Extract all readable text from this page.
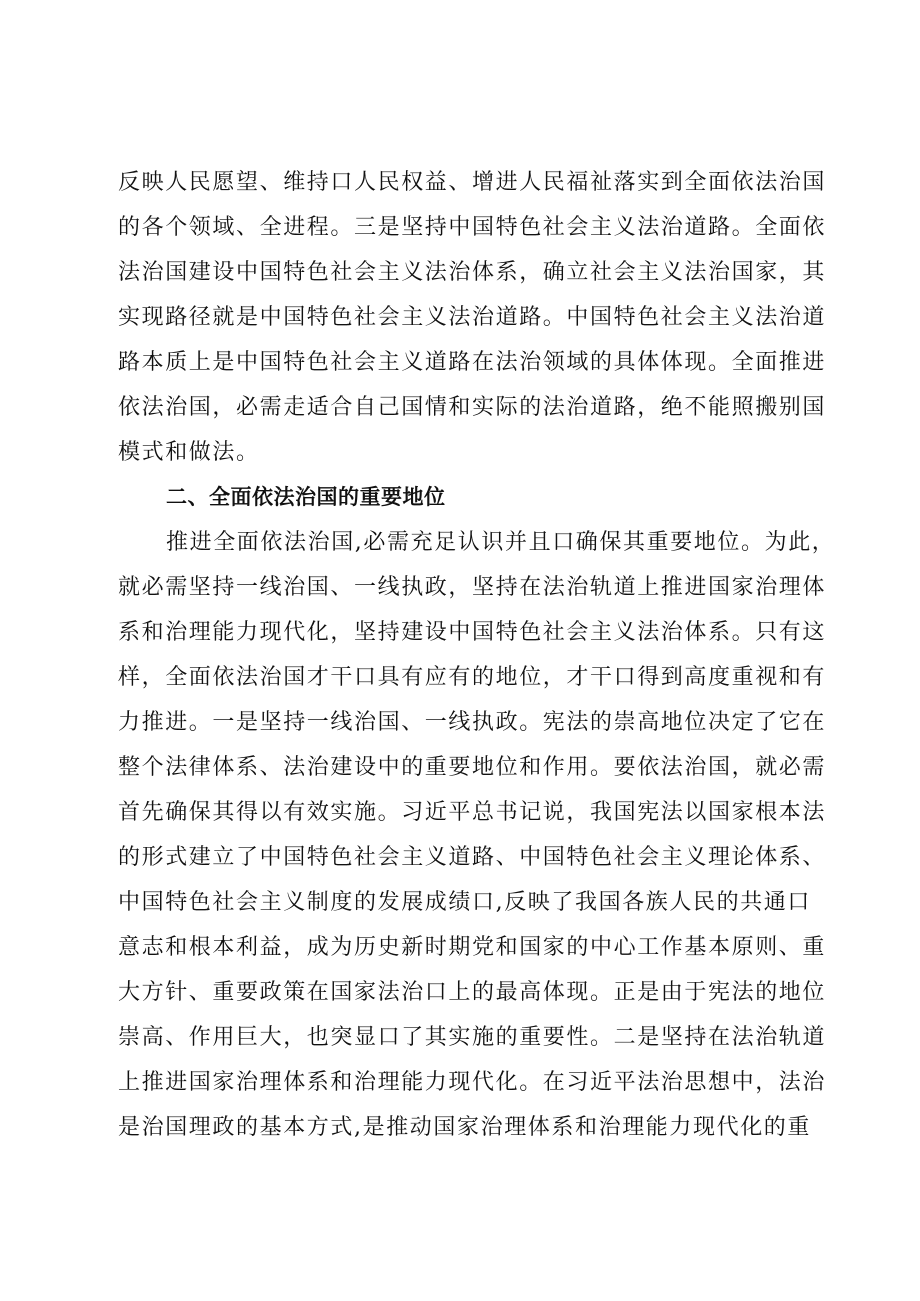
反映人民愿望、维持口人民权益、增进人民福祉落实到全面依法治国
的各个领域、全进程。三是坚持中国特色社会主义法治道路。全面依
法治国建设中国特色社会主义法治体系，确立社会主义法治国家，其
实现路径就是中国特色社会主义法治道路。中国特色社会主义法治道
路本质上是中国特色社会主义道路在法治领域的具体体现。全面推进
依法治国，必需走适合自己国情和实际的法治道路，绝不能照搬别国
模式和做法。
二、全面依法治国的重要地位
推进全面依法治国,必需充足认识并且口确保其重要地位。为此，
就必需坚持一线治国、一线执政，坚持在法治轨道上推进国家治理体
系和治理能力现代化，坚持建设中国特色社会主义法治体系。只有这
样，全面依法治国才干口具有应有的地位，才干口得到高度重视和有
力推进。一是坚持一线治国、一线执政。宪法的崇高地位决定了它在
整个法律体系、法治建设中的重要地位和作用。要依法治国，就必需
首先确保其得以有效实施。习近平总书记说，我国宪法以国家根本法
的形式建立了中国特色社会主义道路、中国特色社会主义理论体系、
中国特色社会主义制度的发展成绩口,反映了我国各族人民的共通口
意志和根本利益，成为历史新时期党和国家的中心工作基本原则、重
大方针、重要政策在国家法治口上的最高体现。正是由于宪法的地位
崇高、作用巨大，也突显口了其实施的重要性。二是坚持在法治轨道
上推进国家治理体系和治理能力现代化。在习近平法治思想中，法治
是治国理政的基本方式,是推动国家治理体系和治理能力现代化的重
